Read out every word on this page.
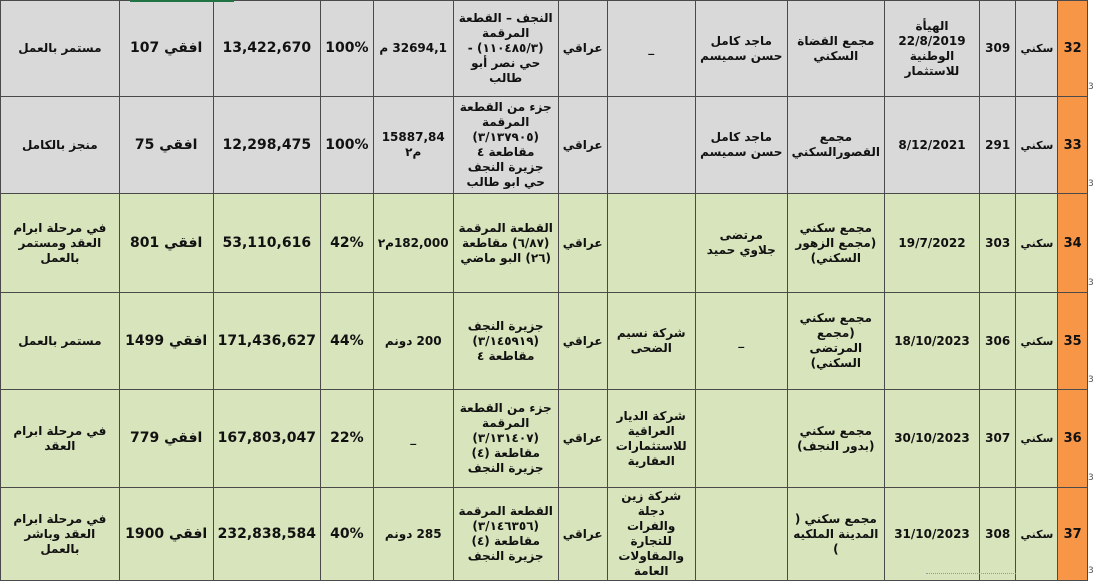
مستمر بالعمل	افقي 107	13,422,670	100%	32694,1 م	النجف – القطعة المرقمة (١١٠٤٨٥/٣) - حي نصر أبو طالب	عراقي	_	ماجد كامل حسن سميسم	مجمع القضاة السكني	الهيأة 22/8/2019 الوطنية للاستثمار	309	سكني	32	3
منجز بالكامل	افقي 75	12,298,475	100%	15887,84 م٢	جزء من القطعة المرقمة (٣/١٣٧٩٠٥) مقاطعة ٤ جزيرة النجف حي ابو طالب	عراقي		ماجد كامل حسن سميسم	مجمع القصورالسكني	8/12/2021	291	سكني	33	3
في مرحلة ابرام العقد ومستمر بالعمل	افقي 801	53,110,616	42%	182,000م٢	القطعة المرقمة (٦/٨٧) مقاطعة (٢٦) البو ماضي	عراقي		مرتضى جلاوي حميد	مجمع سكني (مجمع الزهور السكني)	19/7/2022	303	سكني	34	3
مستمر بالعمل	افقي 1499	171,436,627	44%	200 دونم	جزيرة النجف (٣/١٤٥٩١٩) مقاطعة ٤	عراقي	شركة نسيم الضحى	_	مجمع سكني (مجمع المرتضى السكني)	18/10/2023	306	سكني	35	3
في مرحلة ابرام العقد	افقي 779	167,803,047	22%	_	جزء من القطعة المرقمة (٣/١٣١٤٠٧) مقاطعة (٤) جزيرة النجف	عراقي	شركة الديار العراقية للاستثمارات العقارية		مجمع سكني (بدور النجف)	30/10/2023	307	سكني	36	3
في مرحلة ابرام العقد وباشر بالعمل	افقي 1900	232,838,584	40%	285 دونم	القطعة المرقمة (٣/١٤٦٣٥٦) مقاطعة (٤) جزيرة النجف	عراقي	شركة زين دجلة والفرات للتجارة والمقاولات العامة		مجمع سكني ( المدينة الملكيه )	31/10/2023	308	سكني	37	3
